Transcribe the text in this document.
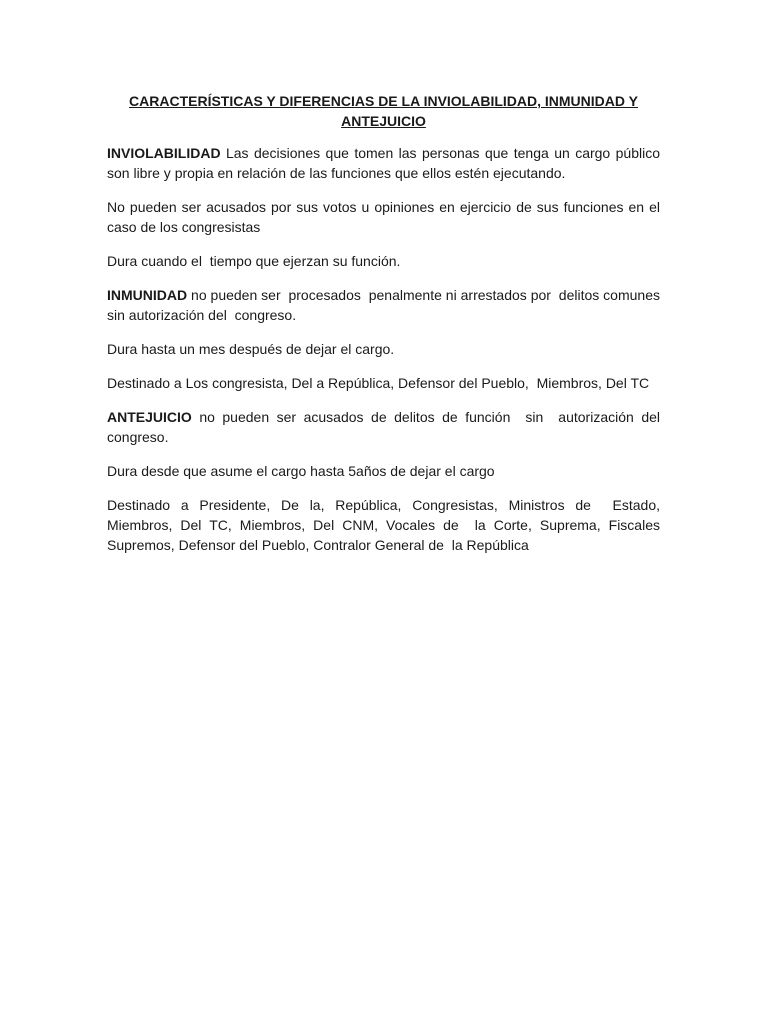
CARACTERÍSTICAS Y DIFERENCIAS DE LA INVIOLABILIDAD, INMUNIDAD Y ANTEJUICIO

INVIOLABILIDAD Las decisiones que tomen las personas que tenga un cargo público son libre y propia en relación de las funciones que ellos estén ejecutando.

No pueden ser acusados por sus votos u opiniones en ejercicio de sus funciones en el caso de los congresistas

Dura cuando el  tiempo que ejerzan su función.

INMUNIDAD no pueden ser  procesados  penalmente ni arrestados por  delitos comunes sin autorización del  congreso.

Dura hasta un mes después de dejar el cargo.

Destinado a Los congresista, Del a República, Defensor del Pueblo,  Miembros, Del TC

ANTEJUICIO no pueden ser acusados de delitos de función  sin  autorización del congreso.

Dura desde que asume el cargo hasta 5años de dejar el cargo

Destinado a Presidente, De la, República, Congresistas, Ministros de  Estado, Miembros, Del TC, Miembros, Del CNM, Vocales de  la Corte, Suprema, Fiscales Supremos, Defensor del Pueblo, Contralor General de  la República
